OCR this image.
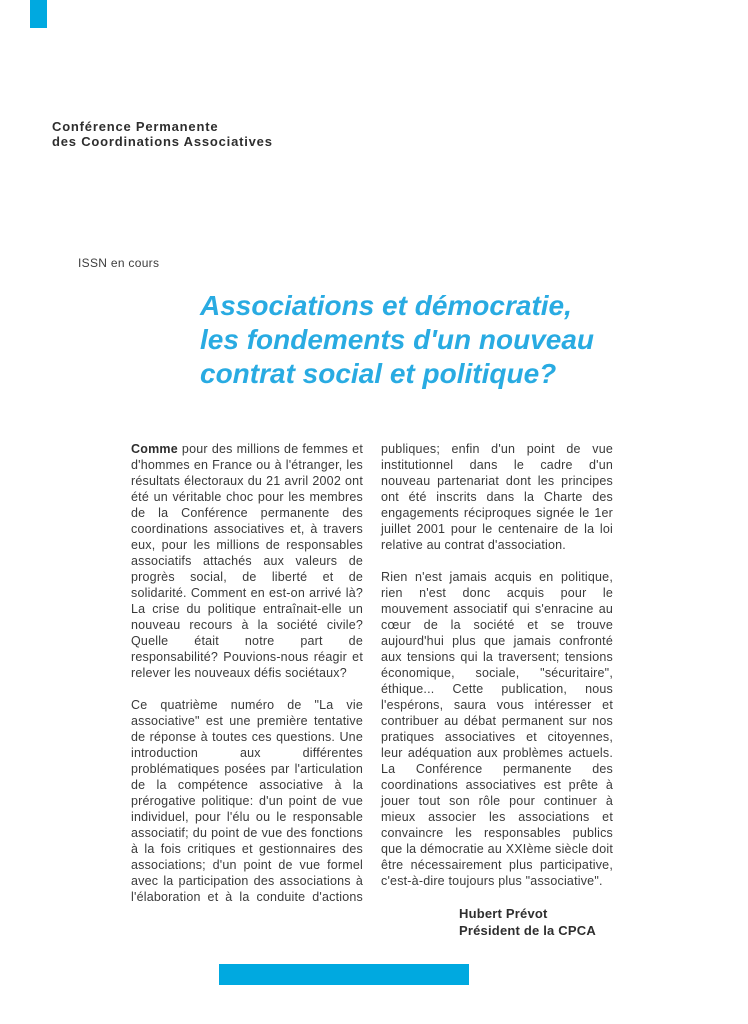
Conférence Permanente
des Coordinations Associatives
ISSN en cours
Associations et démocratie,
les fondements d'un nouveau
contrat social et politique?

Comme pour des millions de femmes et d'hommes en France ou à l'étranger, les résultats électoraux du 21 avril 2002 ont été un véritable choc pour les membres de la Conférence permanente des coordinations associatives et, à travers eux, pour les millions de responsables associatifs attachés aux valeurs de progrès social, de liberté et de solidarité. Comment en est-on arrivé là? La crise du politique entraînait-elle un nouveau recours à la société civile? Quelle était notre part de responsabilité? Pouvions-nous réagir et relever les nouveaux défis sociétaux?

Ce quatrième numéro de "La vie associative" est une première tentative de réponse à toutes ces questions. Une introduction aux différentes problématiques posées par l'articulation de la compétence associative à la prérogative politique: d'un point de vue individuel, pour l'élu ou le responsable associatif; du point de vue des fonctions à la fois critiques et gestionnaires des associations; d'un point de vue formel avec la participation des associations à l'élaboration et à la conduite d'actions

publiques; enfin d'un point de vue institutionnel dans le cadre d'un nouveau partenariat dont les principes ont été inscrits dans la Charte des engagements réciproques signée le 1er juillet 2001 pour le centenaire de la loi relative au contrat d'association.

Rien n'est jamais acquis en politique, rien n'est donc acquis pour le mouvement associatif qui s'enracine au cœur de la société et se trouve aujourd'hui plus que jamais confronté aux tensions qui la traversent; tensions économique, sociale, "sécuritaire", éthique... Cette publication, nous l'espérons, saura vous intéresser et contribuer au débat permanent sur nos pratiques associatives et citoyennes, leur adéquation aux problèmes actuels. La Conférence permanente des coordinations associatives est prête à jouer tout son rôle pour continuer à mieux associer les associations et convaincre les responsables publics que la démocratie au XXIème siècle doit être nécessairement plus participative, c'est-à-dire toujours plus "associative".

Hubert Prévot
Président de la CPCA
